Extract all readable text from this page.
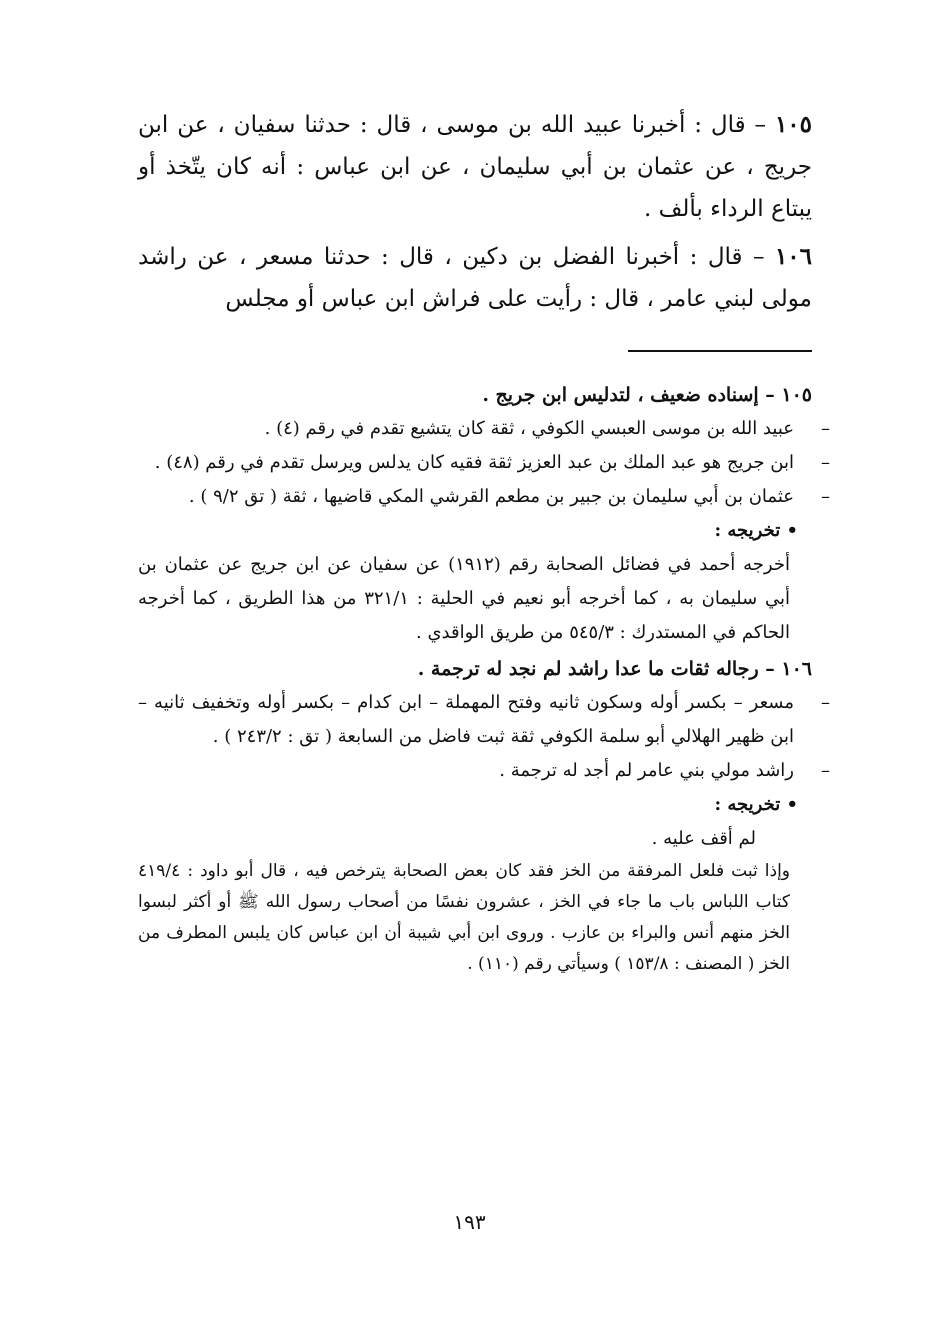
١٠٥ – قال : أخبرنا عبيد الله بن موسى ، قال : حدثنا سفيان ، عن ابن جريج ، عن عثمان بن أبي سليمان ، عن ابن عباس : أنه كان يتّخذ أو يبتاع الرداء بألف .

١٠٦ – قال : أخبرنا الفضل بن دكين ، قال : حدثنا مسعر ، عن راشد مولى لبني عامر ، قال : رأيت على فراش ابن عباس أو مجلس

١٠٥ – إسناده ضعيف ، لتدليس ابن جريج .

–عبيد الله بن موسى العبسي الكوفي ، ثقة كان يتشيع تقدم في رقم (٤) .

–ابن جريج هو عبد الملك بن عبد العزيز ثقة فقيه كان يدلس ويرسل تقدم في رقم (٤٨) .

–عثمان بن أبي سليمان بن جبير بن مطعم القرشي المكي قاضيها ، ثقة ( تق ٩/٢ ) .

• تخريجه :

أخرجه أحمد في فضائل الصحابة رقم (١٩١٢) عن سفيان عن ابن جريج عن عثمان بن أبي سليمان به ، كما أخرجه أبو نعيم في الحلية : ٣٢١/١ من هذا الطريق ، كما أخرجه الحاكم في المستدرك : ٥٤٥/٣ من طريق الواقدي .

١٠٦ – رجاله ثقات ما عدا راشد لم نجد له ترجمة .

–مسعر – بكسر أوله وسكون ثانيه وفتح المهملة – ابن كدام – بكسر أوله وتخفيف ثانيه – ابن ظهير الهلالي أبو سلمة الكوفي ثقة ثبت فاضل من السابعة ( تق : ٢٤٣/٢ ) .

–راشد مولي بني عامر لم أجد له ترجمة .

• تخريجه :

لم أقف عليه .

وإذا ثبت فلعل المرفقة من الخز فقد كان بعض الصحابة يترخص فيه ، قال أبو داود : ٤١٩/٤ كتاب اللباس باب ما جاء في الخز ، عشرون نفسًا من أصحاب رسول الله ﷺ أو أكثر لبسوا الخز منهم أنس والبراء بن عازب . وروى ابن أبي شيبة أن ابن عباس كان يلبس المطرف من الخز ( المصنف : ١٥٣/٨ ) وسيأتي رقم (١١٠) .

١٩٣
